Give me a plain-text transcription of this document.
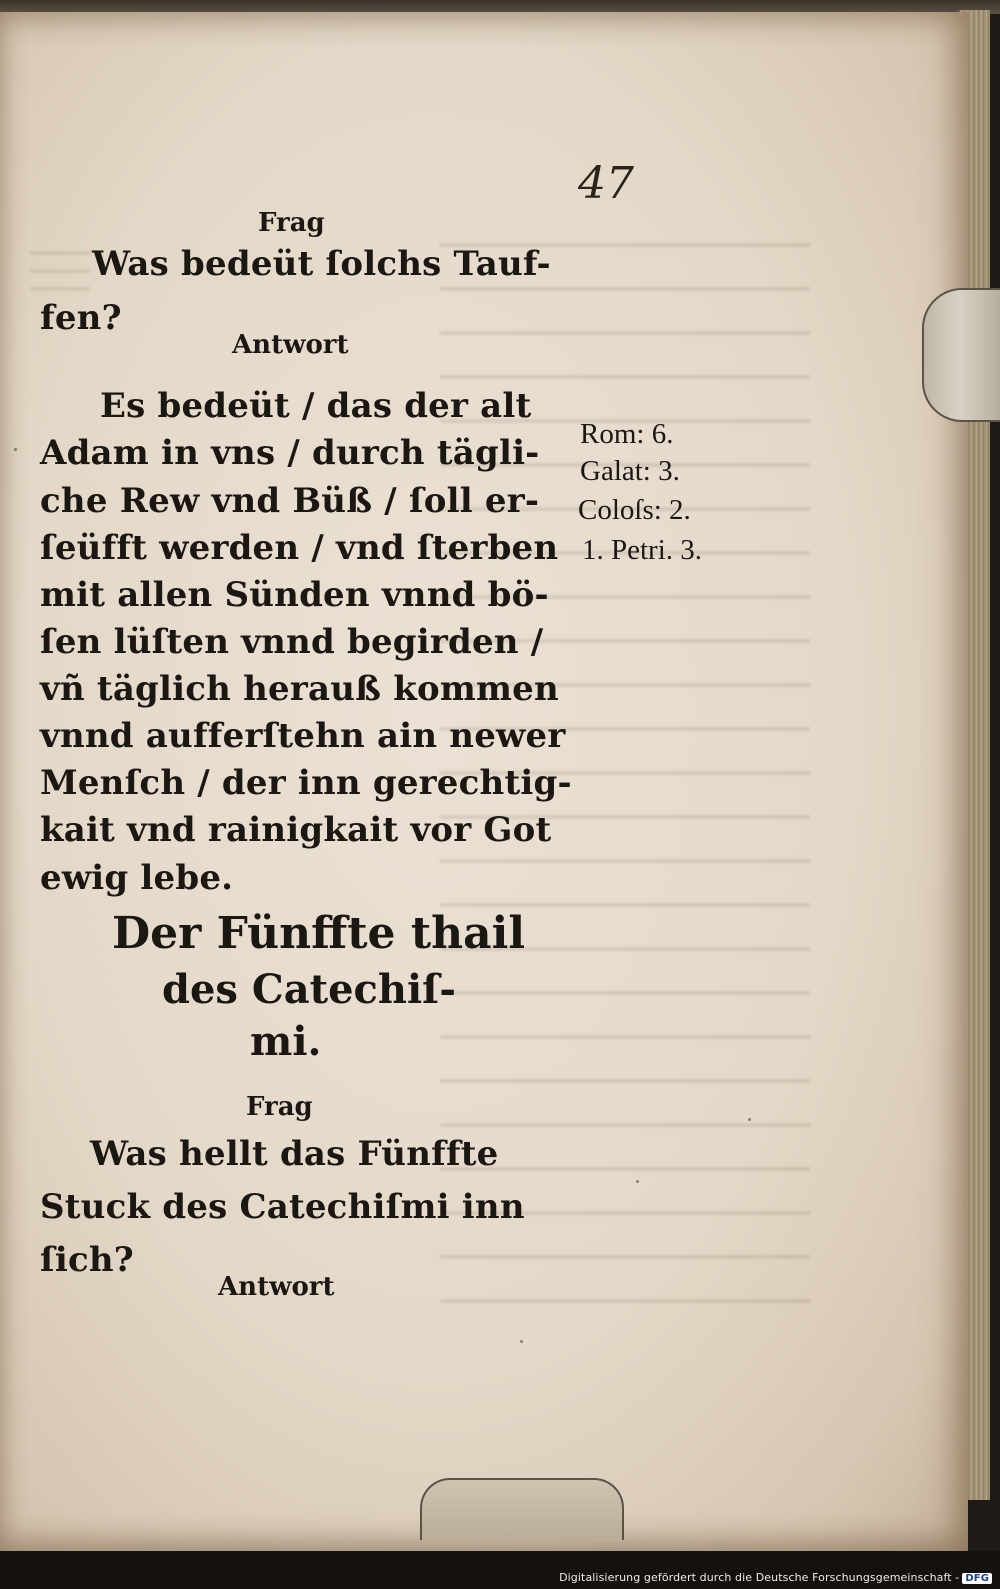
47

Frag

Was bedeüt ſolchs Tauf-

fen?

Antwort

Es bedeüt / das der alt

Adam in vns / durch tägli-

che Rew vnd Büß / ſoll er-

ſeüfft werden / vnd ſterben

mit allen Sünden vnnd bö-

ſen lüſten vnnd begirden /

vñ täglich herauß kommen

vnnd aufferſtehn ain newer

Menſch / der inn gerechtig-

kait vnd rainigkait vor Got

ewig lebe.

Rom: 6.
Galat: 3.
Coloſs: 2.
1. Petri. 3.

Der Fünffte thail

des Catechiſ-

mi.

Frag

Was hellt das Fünffte

Stuck des Catechiſmi inn

ſich?

Antwort

Digitalisierung gefördert durch die Deutsche Forschungsgemeinschaft - DFG
